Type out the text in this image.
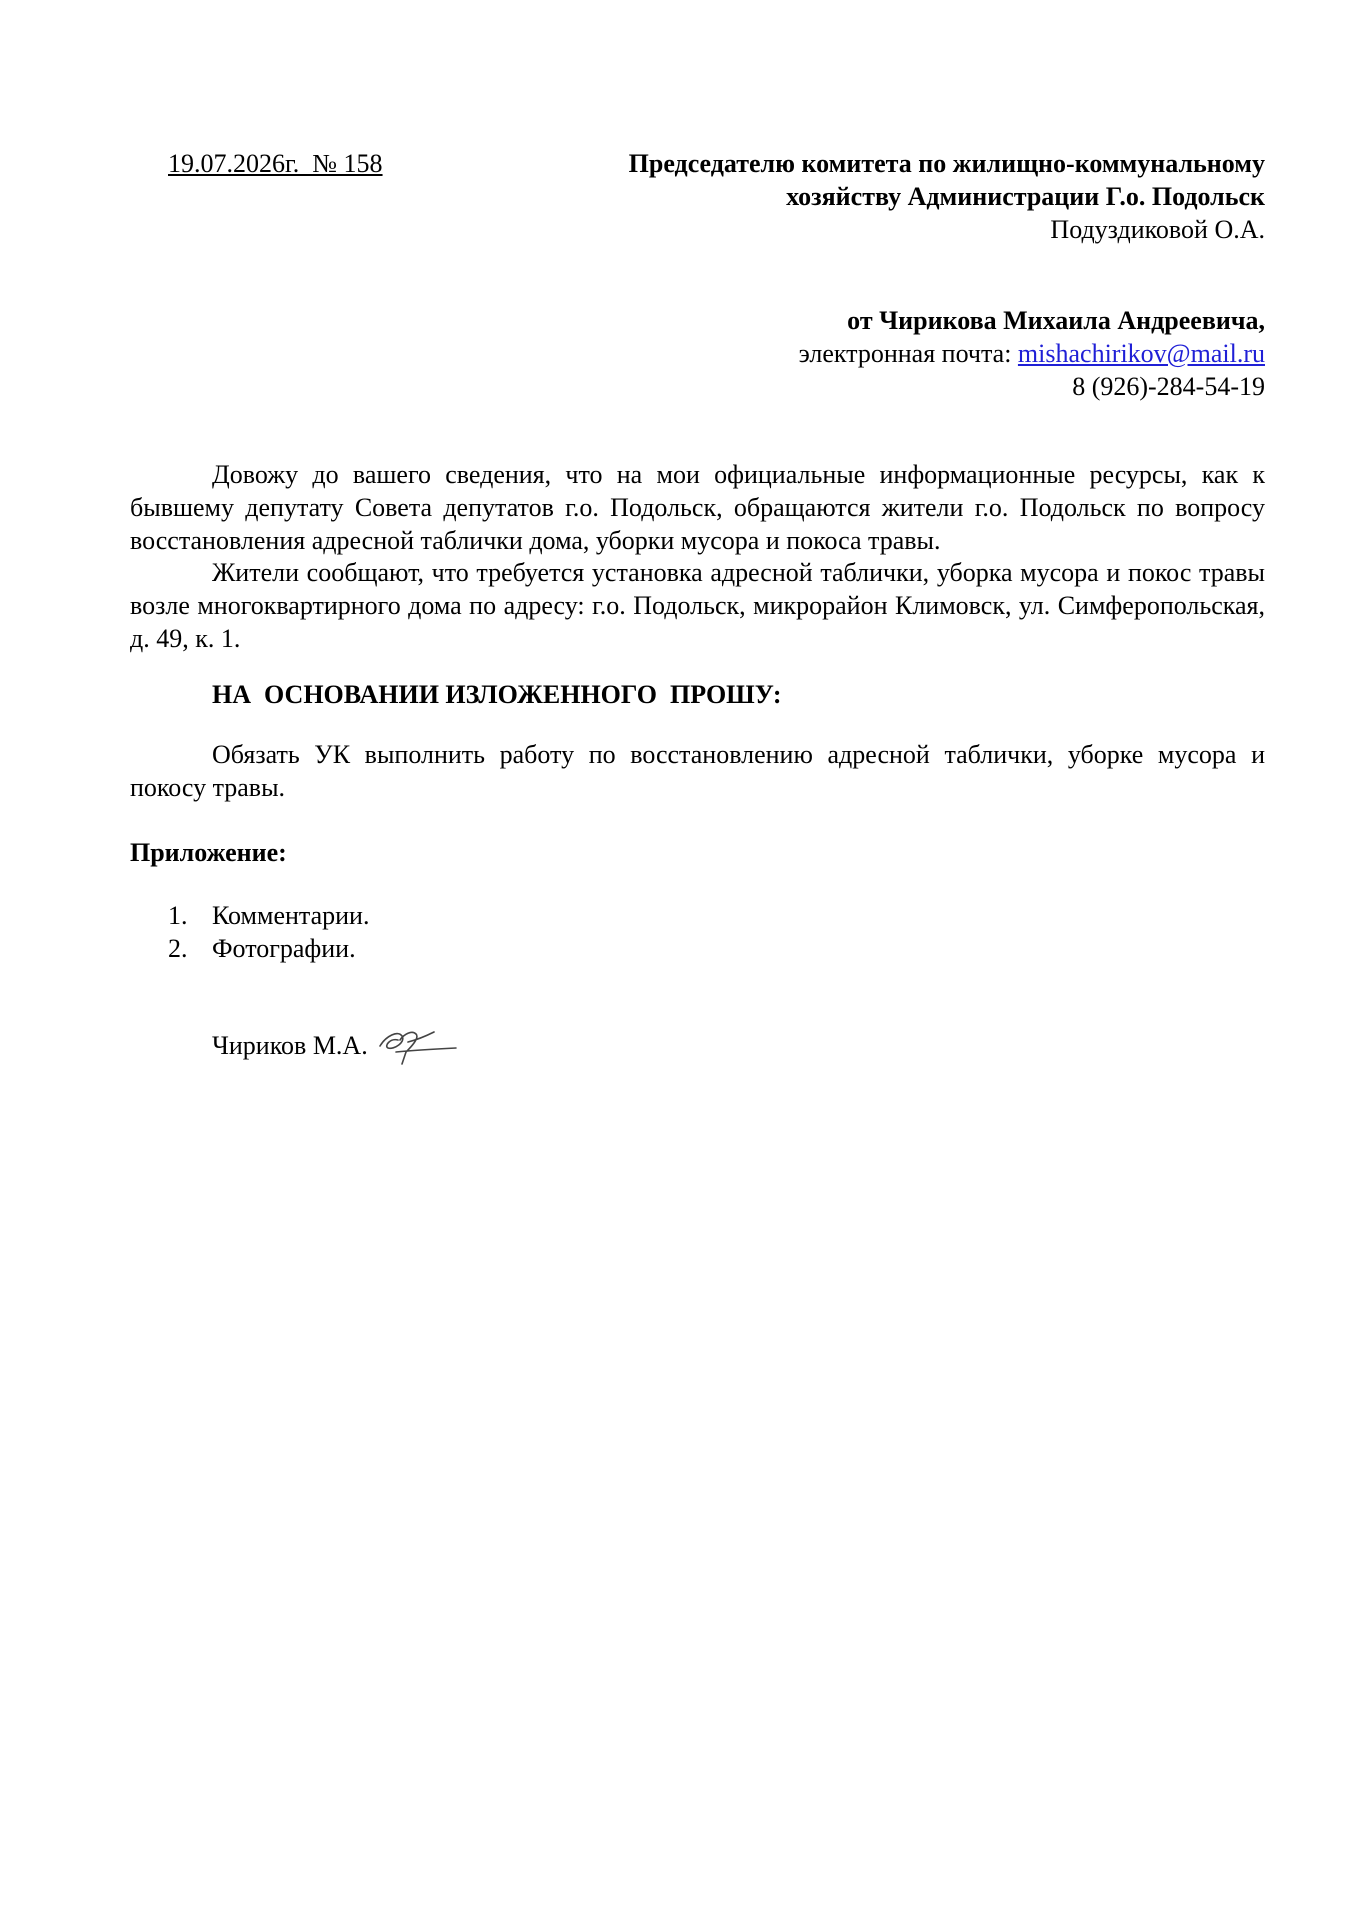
19.07.2026г.  № 158	Председателю комитета по жилищно-коммунальному
хозяйству Администрации Г.о. Подольск
Подуздиковой О.А.
от Чирикова Михаила Андреевича,
электронная почта: mishachirikov@mail.ru
8 (926)-284-54-19

Довожу до вашего сведения, что на мои официальные информационные ресурсы, как к бывшему депутату Совета депутатов г.о. Подольск, обращаются жители г.о. Подольск по вопросу восстановления адресной таблички дома, уборки мусора и покоса травы.

Жители сообщают, что требуется установка адресной таблички, уборка мусора и покос травы возле многоквартирного дома по адресу: г.о. Подольск, микрорайон Климовск, ул. Симферопольская, д. 49, к. 1.

НА  ОСНОВАНИИ ИЗЛОЖЕННОГО  ПРОШУ:

Обязать УК выполнить работу по восстановлению адресной таблички, уборке мусора и покосу травы.

Приложение:
1. Комментарии.
2. Фотографии.
Чириков М.А.
